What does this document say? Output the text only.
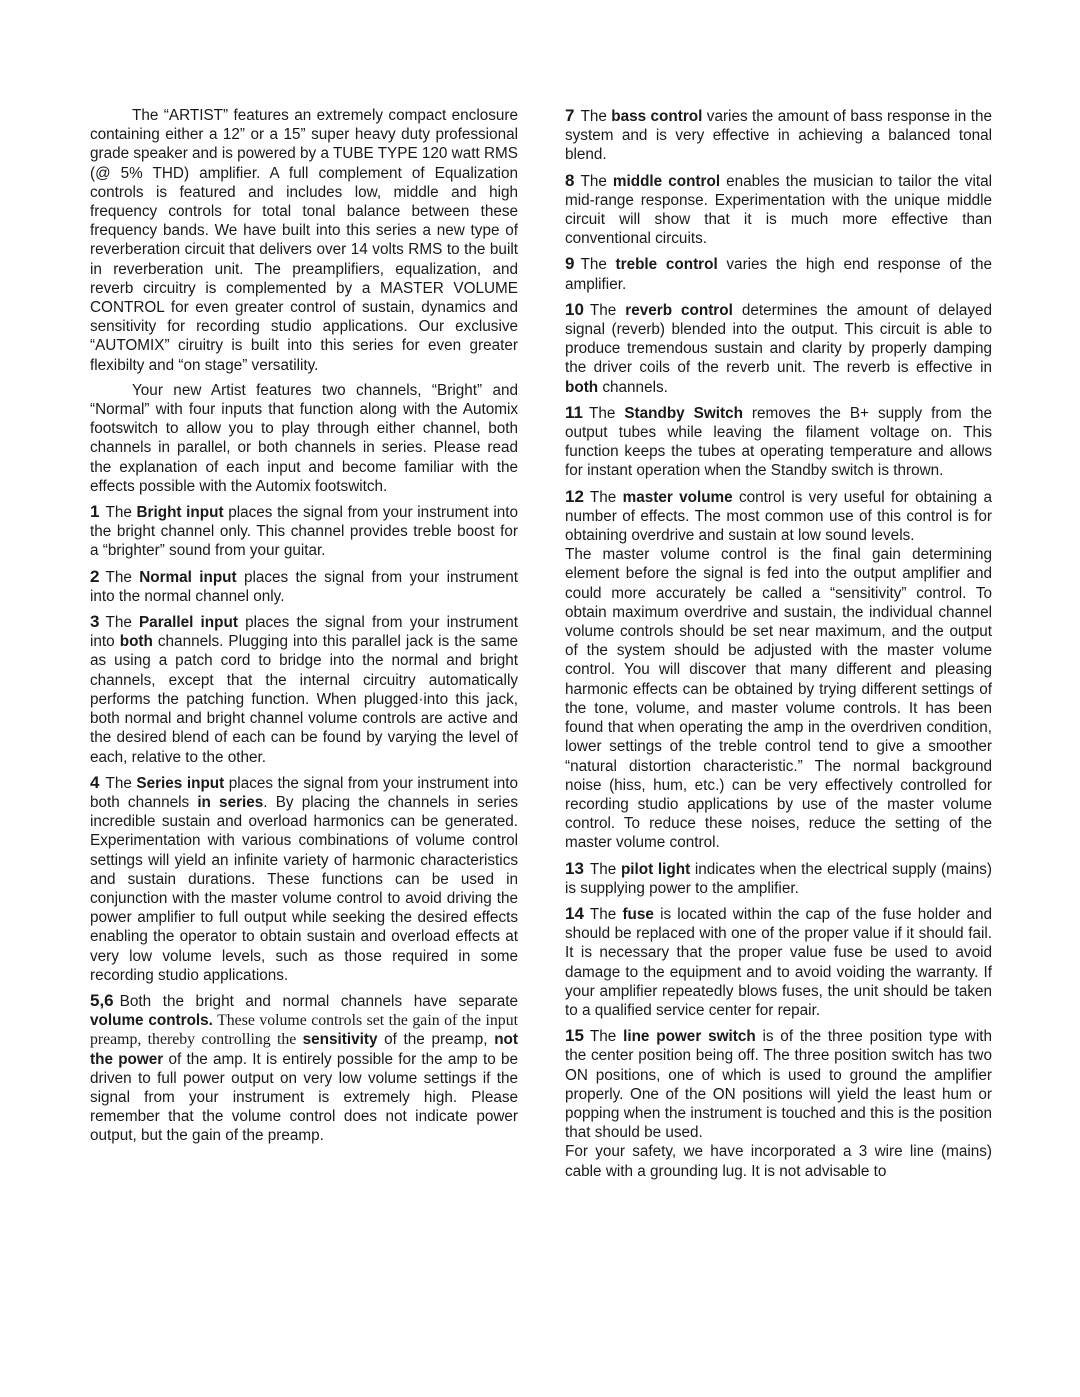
The “ARTIST” features an extremely compact enclosure containing either a 12” or a 15” super heavy duty professional grade speaker and is powered by a TUBE TYPE 120 watt RMS (@ 5% THD) amplifier. A full complement of Equalization controls is featured and includes low, middle and high frequency controls for total tonal balance between these frequency bands. We have built into this series a new type of reverberation circuit that delivers over 14 volts RMS to the built in reverberation unit. The preamplifiers, equalization, and reverb circuitry is complemented by a MASTER VOLUME CONTROL for even greater control of sustain, dynamics and sensitivity for recording studio applications. Our exclusive “AUTOMIX” ciruitry is built into this series for even greater flexibilty and “on stage” versatility.

Your new Artist features two channels, “Bright” and “Normal” with four inputs that function along with the Automix footswitch to allow you to play through either channel, both channels in parallel, or both channels in series. Please read the explanation of each input and become familiar with the effects possible with the Automix footswitch.

1 The Bright input places the signal from your instrument into the bright channel only. This channel provides treble boost for a “brighter” sound from your guitar.

2 The Normal input places the signal from your instrument into the normal channel only.

3 The Parallel input places the signal from your instrument into both channels. Plugging into this parallel jack is the same as using a patch cord to bridge into the normal and bright channels, except that the internal circuitry automatically performs the patching function. When plugged·into this jack, both normal and bright channel volume controls are active and the desired blend of each can be found by varying the level of each, relative to the other.

4 The Series input places the signal from your instrument into both channels in series. By placing the channels in series incredible sustain and overload harmonics can be generated. Experimentation with various combinations of volume control settings will yield an infinite variety of harmonic characteristics and sustain durations. These functions can be used in conjunction with the master volume control to avoid driving the power amplifier to full output while seeking the desired effects enabling the operator to obtain sustain and overload effects at very low volume levels, such as those required in some recording studio applications.

5,6 Both the bright and normal channels have separate volume controls. These volume controls set the gain of the input preamp, thereby controlling the sensitivity of the preamp, not the power of the amp. It is entirely possible for the amp to be driven to full power output on very low volume settings if the signal from your instrument is extremely high. Please remember that the volume control does not indicate power output, but the gain of the preamp.

7 The bass control varies the amount of bass response in the system and is very effective in achieving a balanced tonal blend.

8 The middle control enables the musician to tailor the vital mid-range response. Experimentation with the unique middle circuit will show that it is much more effective than conventional circuits.

9 The treble control varies the high end response of the amplifier.

10 The reverb control determines the amount of delayed signal (reverb) blended into the output. This circuit is able to produce tremendous sustain and clarity by properly damping the driver coils of the reverb unit. The reverb is effective in both channels.

11 The Standby Switch removes the B+ supply from the output tubes while leaving the filament voltage on. This function keeps the tubes at operating temperature and allows for instant operation when the Standby switch is thrown.

12 The master volume control is very useful for obtaining a number of effects. The most common use of this control is for obtaining overdrive and sustain at low sound levels.

The master volume control is the final gain determining element before the signal is fed into the output amplifier and could more accurately be called a “sensitivity” control. To obtain maximum overdrive and sustain, the individual channel volume controls should be set near maximum, and the output of the system should be adjusted with the master volume control. You will discover that many different and pleasing harmonic effects can be obtained by trying different settings of the tone, volume, and master volume controls. It has been found that when operating the amp in the overdriven condition, lower settings of the treble control tend to give a smoother “natural distortion characteristic.” The normal background noise (hiss, hum, etc.) can be very effectively controlled for recording studio applications by use of the master volume control. To reduce these noises, reduce the setting of the master volume control.

13 The pilot light indicates when the electrical supply (mains) is supplying power to the amplifier.

14 The fuse is located within the cap of the fuse holder and should be replaced with one of the proper value if it should fail. It is necessary that the proper value fuse be used to avoid damage to the equipment and to avoid voiding the warranty. If your amplifier repeatedly blows fuses, the unit should be taken to a qualified service center for repair.

15 The line power switch is of the three position type with the center position being off. The three position switch has two ON positions, one of which is used to ground the amplifier properly. One of the ON positions will yield the least hum or popping when the instrument is touched and this is the position that should be used.

For your safety, we have incorporated a 3 wire line (mains) cable with a grounding lug. It is not advisable to
